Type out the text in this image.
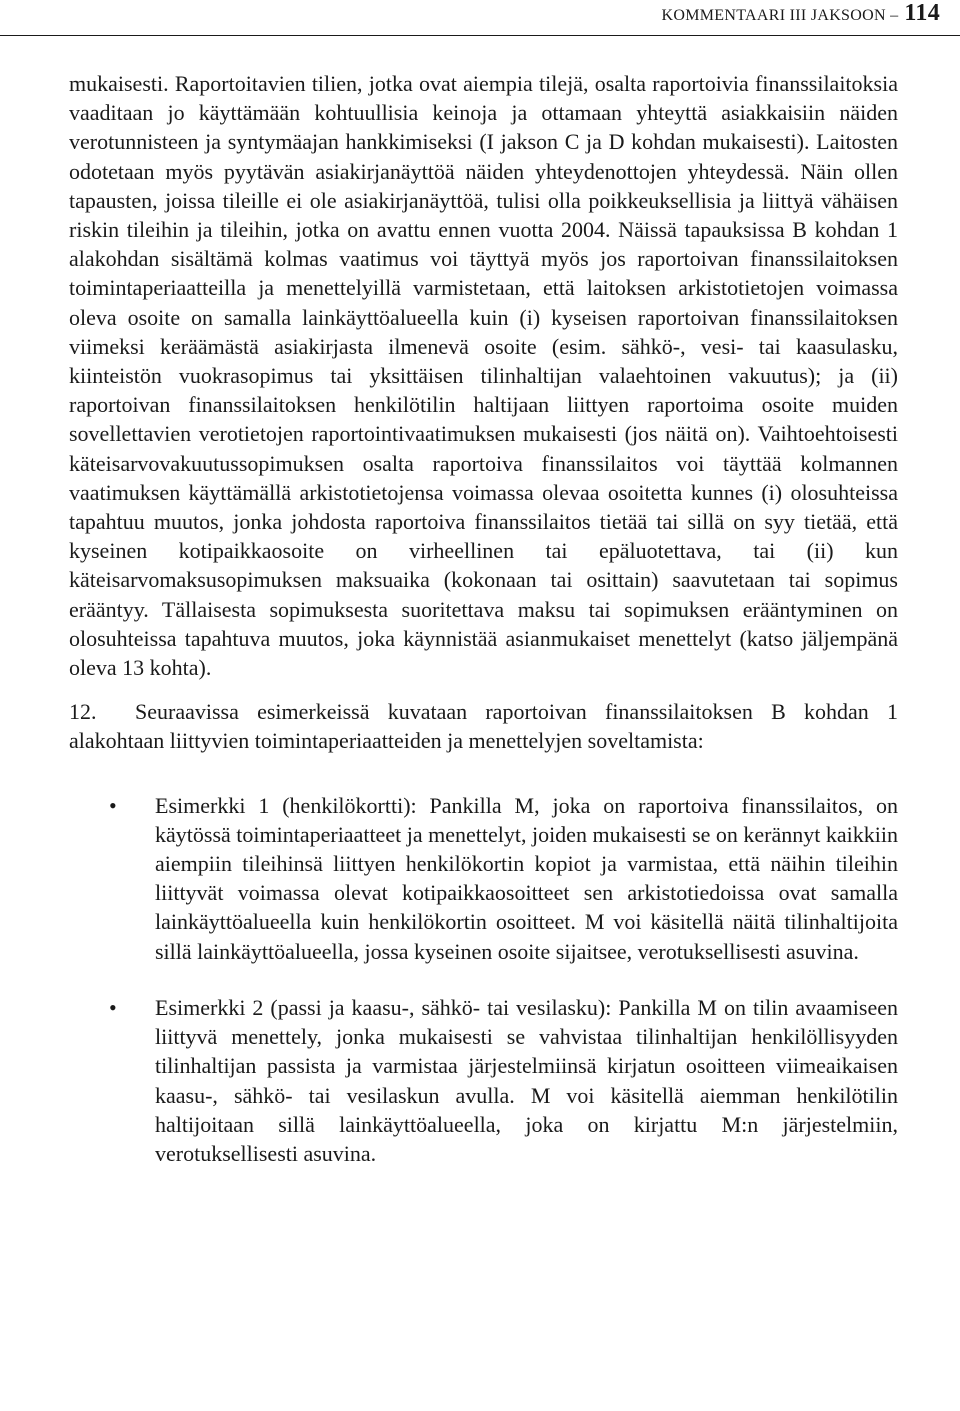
KOMMENTAARI III JAKSOON – 114

mukaisesti. Raportoitavien tilien, jotka ovat aiempia tilejä, osalta raportoivia finanssilaitoksia vaaditaan jo käyttämään kohtuullisia keinoja ja ottamaan yhteyttä asiakkaisiin näiden verotunnisteen ja syntymäajan hankkimiseksi (I jakson C ja D kohdan mukaisesti). Laitosten odotetaan myös pyytävän asiakirjanäyttöä näiden yhteydenottojen yhteydessä. Näin ollen tapausten, joissa tileille ei ole asiakirjanäyttöä, tulisi olla poikkeuksellisia ja liittyä vähäisen riskin tileihin ja tileihin, jotka on avattu ennen vuotta 2004. Näissä tapauksissa B kohdan 1 alakohdan sisältämä kolmas vaatimus voi täyttyä myös jos raportoivan finanssilaitoksen toimintaperiaatteilla ja menettelyillä varmistetaan, että laitoksen arkistotietojen voimassa oleva osoite on samalla lainkäyttöalueella kuin (i) kyseisen raportoivan finanssilaitoksen viimeksi keräämästä asiakirjasta ilmenevä osoite (esim. sähkö-, vesi- tai kaasulasku, kiinteistön vuokrasopimus tai yksittäisen tilinhaltijan valaehtoinen vakuutus); ja (ii) raportoivan finanssilaitoksen henkilötilin haltijaan liittyen raportoima osoite muiden sovellettavien verotietojen raportointivaatimuksen mukaisesti (jos näitä on). Vaihtoehtoisesti käteisarvovakuutussopimuksen osalta raportoiva finanssilaitos voi täyttää kolmannen vaatimuksen käyttämällä arkistotietojensa voimassa olevaa osoitetta kunnes (i) olosuhteissa tapahtuu muutos, jonka johdosta raportoiva finanssilaitos tietää tai sillä on syy tietää, että kyseinen kotipaikkaosoite on virheellinen tai epäluotettava, tai (ii) kun käteisarvomaksusopimuksen maksuaika (kokonaan tai osittain) saavutetaan tai sopimus erääntyy. Tällaisesta sopimuksesta suoritettava maksu tai sopimuksen erääntyminen on olosuhteissa tapahtuva muutos, joka käynnistää asianmukaiset menettelyt (katso jäljempänä oleva 13 kohta).

12. Seuraavissa esimerkeissä kuvataan raportoivan finanssilaitoksen B kohdan 1 alakohtaan liittyvien toimintaperiaatteiden ja menettelyjen soveltamista:

• Esimerkki 1 (henkilökortti): Pankilla M, joka on raportoiva finanssilaitos, on käytössä toimintaperiaatteet ja menettelyt, joiden mukaisesti se on kerännyt kaikkiin aiempiin tileihinsä liittyen henkilökortin kopiot ja varmistaa, että näihin tileihin liittyvät voimassa olevat kotipaikkaosoitteet sen arkistotiedoissa ovat samalla lainkäyttöalueella kuin henkilökortin osoitteet. M voi käsitellä näitä tilinhaltijoita sillä lainkäyttöalueella, jossa kyseinen osoite sijaitsee, verotuksellisesti asuvina.
• Esimerkki 2 (passi ja kaasu-, sähkö- tai vesilasku): Pankilla M on tilin avaamiseen liittyvä menettely, jonka mukaisesti se vahvistaa tilinhaltijan henkilöllisyyden tilinhaltijan passista ja varmistaa järjestelmiinsä kirjatun osoitteen viimeaikaisen kaasu-, sähkö- tai vesilaskun avulla. M voi käsitellä aiemman henkilötilin haltijoitaan sillä lainkäyttöalueella, joka on kirjattu M:n järjestelmiin, verotuksellisesti asuvina.
